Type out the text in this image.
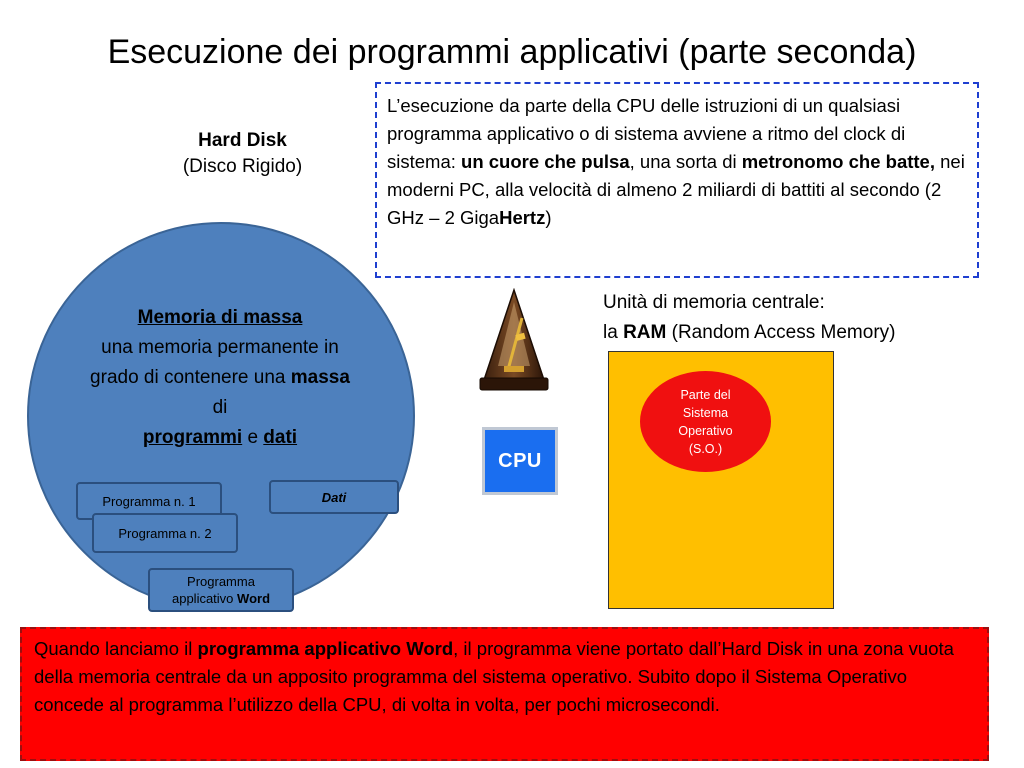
Esecuzione dei programmi applicativi (parte seconda)
Hard Disk
(Disco Rigido)
L’esecuzione da parte della CPU delle istruzioni di un qualsiasi programma applicativo o di sistema avviene a ritmo del clock di sistema: un cuore che pulsa, una sorta di metronomo che batte, nei moderni PC, alla velocità di almeno 2 miliardi di battiti al secondo (2 GHz – 2 GigaHertz)
Memoria di massa
una memoria permanente in grado di contenere una massa di
programmi e dati
Programma n. 1
Programma n. 2
Dati
Programma
applicativo Word
CPU
Unità di memoria centrale:
la RAM (Random Access Memory)
Parte del
Sistema
Operativo
(S.O.)
Quando lanciamo il programma applicativo Word, il programma viene portato dall’Hard Disk in una zona vuota della memoria centrale da un apposito programma del sistema operativo. Subito dopo il Sistema Operativo concede al programma l’utilizzo della CPU, di volta in volta, per pochi microsecondi.
